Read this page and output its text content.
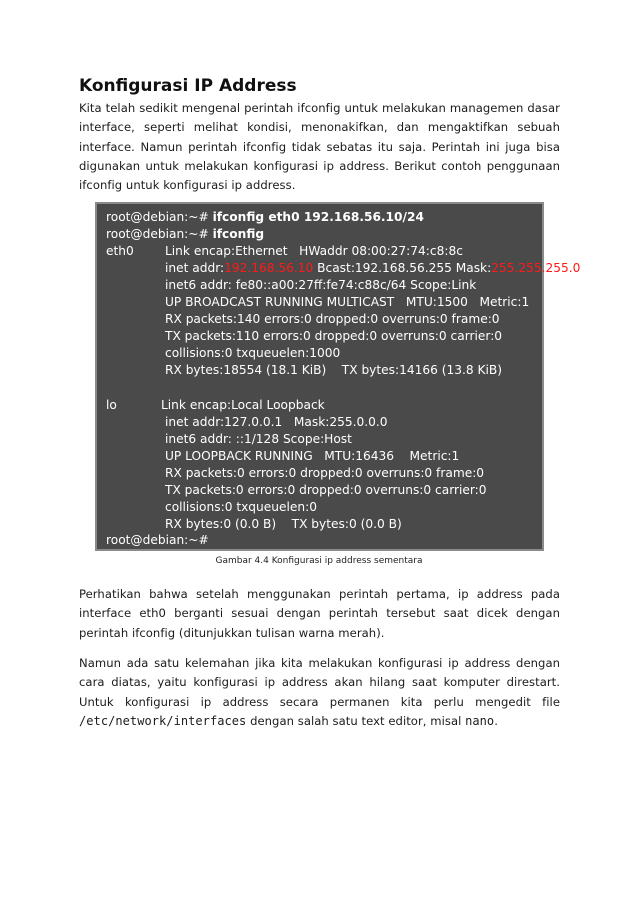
Konfigurasi IP Address

Kita telah sedikit mengenal perintah ifconfig untuk melakukan managemen dasar interface, seperti melihat kondisi, menonakifkan, dan mengaktifkan sebuah interface. Namun perintah ifconfig tidak sebatas itu saja. Perintah ini juga bisa digunakan untuk melakukan konfigurasi ip address. Berikut contoh penggunaan ifconfig untuk konfigurasi ip address.

root@debian:~# ifconfig eth0 192.168.56.10/24
root@debian:~# ifconfig
eth0	Link encap:Ethernet   HWaddr 08:00:27:74:c8:8c
inet addr:192.168.56.10 Bcast:192.168.56.255 Mask:255.255.255.0
inet6 addr: fe80::a00:27ff:fe74:c88c/64 Scope:Link
UP BROADCAST RUNNING MULTICAST   MTU:1500   Metric:1
RX packets:140 errors:0 dropped:0 overruns:0 frame:0
TX packets:110 errors:0 dropped:0 overruns:0 carrier:0
collisions:0 txqueuelen:1000
RX bytes:18554 (18.1 KiB)    TX bytes:14166 (13.8 KiB)
lo	Link encap:Local Loopback
inet addr:127.0.0.1   Mask:255.0.0.0
inet6 addr: ::1/128 Scope:Host
UP LOOPBACK RUNNING   MTU:16436    Metric:1
RX packets:0 errors:0 dropped:0 overruns:0 frame:0
TX packets:0 errors:0 dropped:0 overruns:0 carrier:0
collisions:0 txqueuelen:0
RX bytes:0 (0.0 B)    TX bytes:0 (0.0 B)
root@debian:~#
Gambar 4.4 Konfigurasi ip address sementara

Perhatikan bahwa setelah menggunakan perintah pertama, ip address pada interface eth0 berganti sesuai dengan perintah tersebut saat dicek dengan perintah ifconfig (ditunjukkan tulisan warna merah).

Namun ada satu kelemahan jika kita melakukan konfigurasi ip address dengan cara diatas, yaitu konfigurasi ip address akan hilang saat komputer direstart. Untuk konfigurasi ip address secara permanen kita perlu mengedit file /etc/network/interfaces dengan salah satu text editor, misal nano.
